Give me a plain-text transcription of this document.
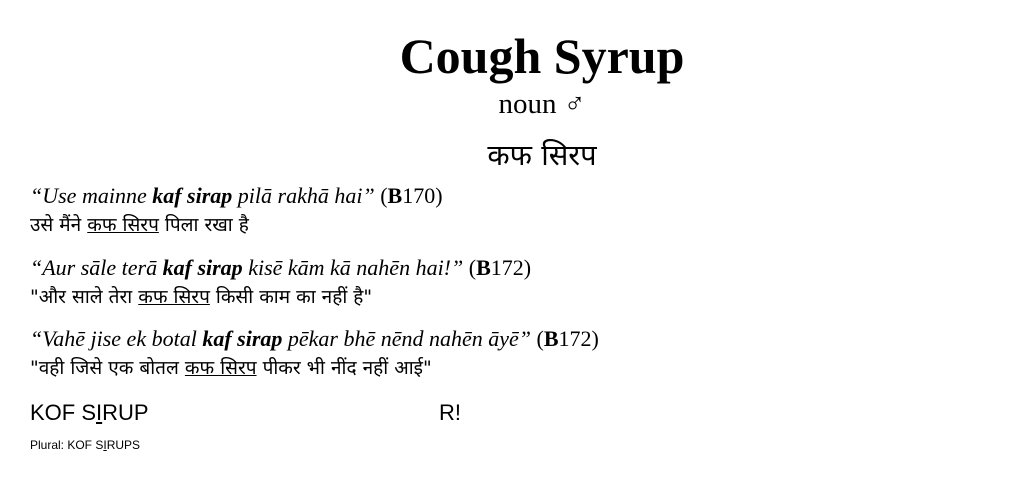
Cough Syrup
noun ♂
कफ सिरप
“Use mainne kaf sirap pilā rakhā hai” (B170)
उसे मैंने कफ सिरप पिला रखा है
“Aur sāle terā kaf sirap kisē kām kā nahēn hai!” (B172)
"और साले तेरा कफ सिरप किसी काम का नहीं है"
“Vahē jise ek botal kaf sirap pēkar bhē nēnd nahēn āyē” (B172)
"वही जिसे एक बोतल कफ सिरप पीकर भी नींद नहीं आई"
KOF SIRUP	R!
Plural: KOF SIRUPS
